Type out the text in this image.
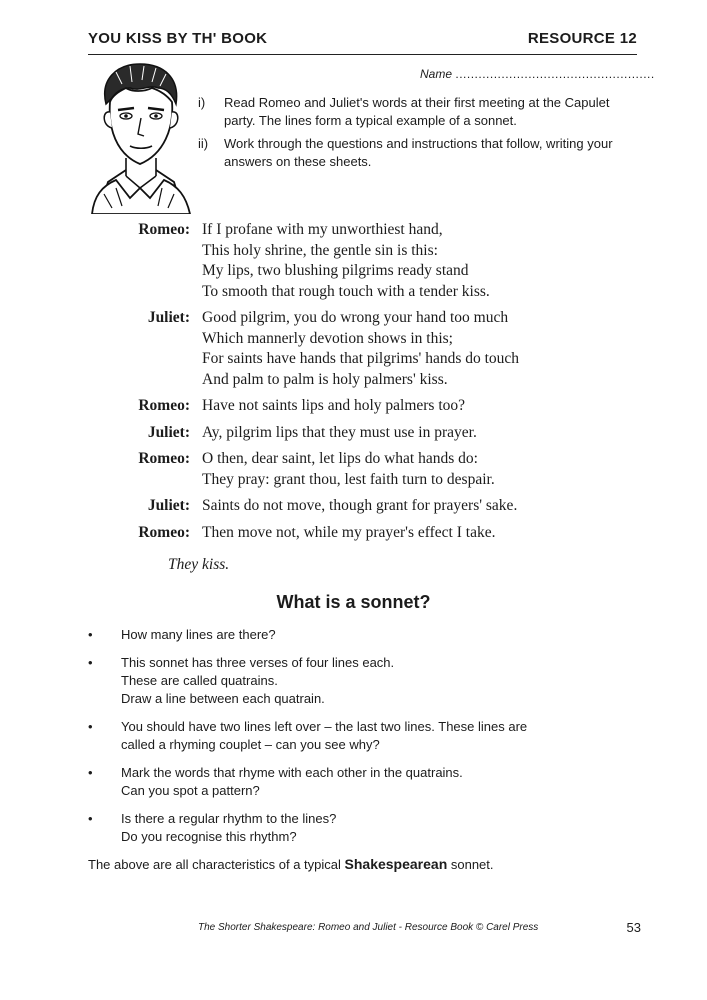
YOU KISS BY TH' BOOK	RESOURCE 12
Name ....................................................
i) Read Romeo and Juliet's words at their first meeting at the Capulet party. The lines form a typical example of a sonnet.
ii) Work through the questions and instructions that follow, writing your answers on these sheets.
Romeo: If I profane with my unworthiest hand,
This holy shrine, the gentle sin is this:
My lips, two blushing pilgrims ready stand
To smooth that rough touch with a tender kiss.
Juliet: Good pilgrim, you do wrong your hand too much
Which mannerly devotion shows in this;
For saints have hands that pilgrims' hands do touch
And palm to palm is holy palmers' kiss.
Romeo: Have not saints lips and holy palmers too?
Juliet: Ay, pilgrim lips that they must use in prayer.
Romeo: O then, dear saint, let lips do what hands do:
They pray: grant thou, lest faith turn to despair.
Juliet: Saints do not move, though grant for prayers' sake.
Romeo: Then move not, while my prayer's effect I take.
They kiss.
What is a sonnet?
• How many lines are there?
• This sonnet has three verses of four lines each.
These are called quatrains.
Draw a line between each quatrain.
• You should have two lines left over – the last two lines. These lines are
called a rhyming couplet – can you see why?
• Mark the words that rhyme with each other in the quatrains.
Can you spot a pattern?
• Is there a regular rhythm to the lines?
Do you recognise this rhythm?
The above are all characteristics of a typical Shakespearean sonnet.
The Shorter Shakespeare: Romeo and Juliet - Resource Book © Carel Press	53
